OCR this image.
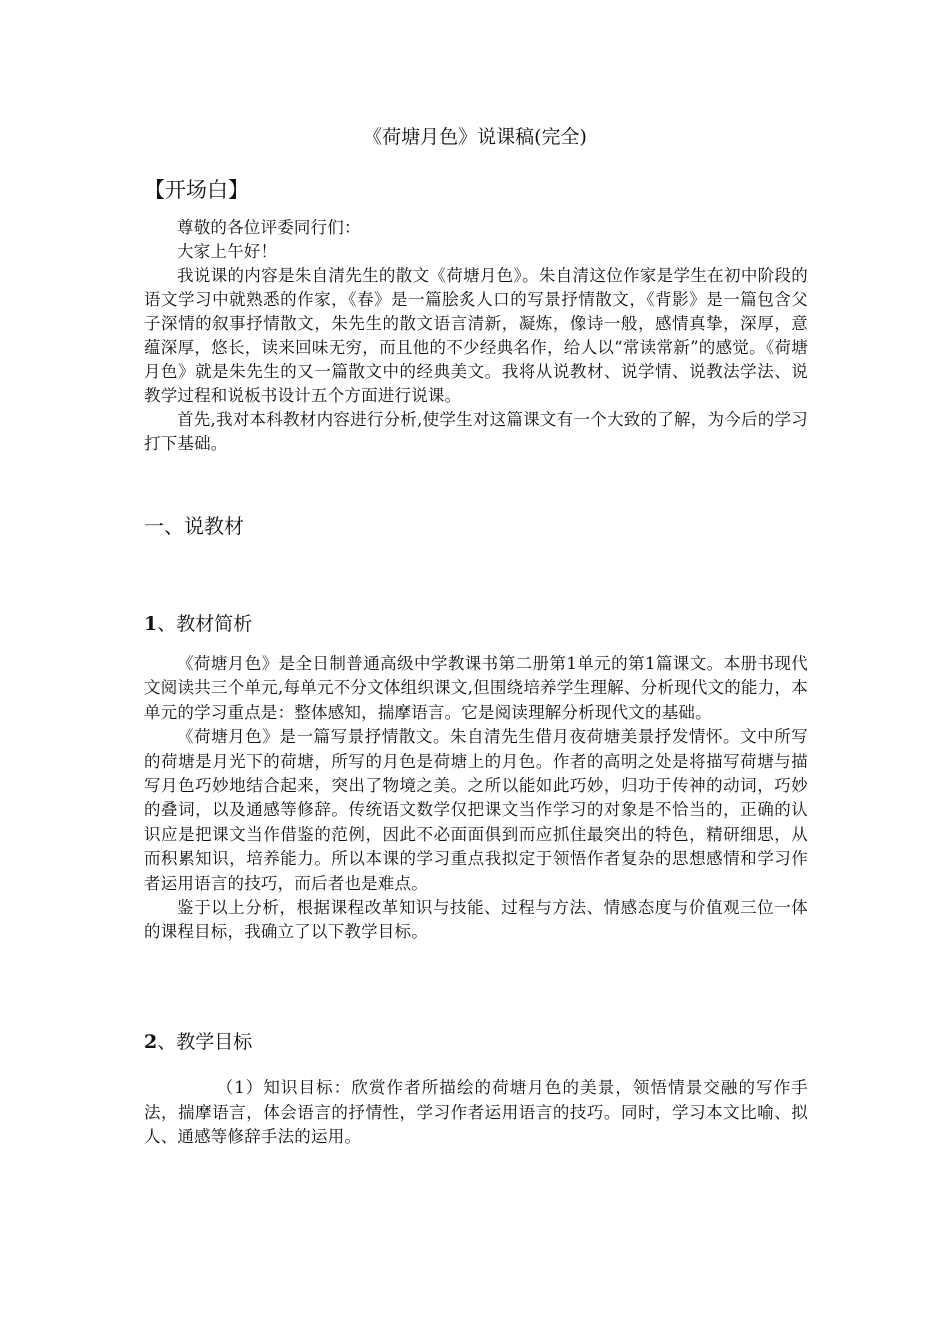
《荷塘月色》说课稿(完全)
【开场白】

尊敬的各位评委同行们：

大家上午好！

我说课的内容是朱自清先生的散文《荷塘月色》。朱自清这位作家是学生在初中阶段的语文学习中就熟悉的作家，《春》是一篇脍炙人口的写景抒情散文，《背影》是一篇包含父子深情的叙事抒情散文，朱先生的散文语言清新，凝炼，像诗一般，感情真挚，深厚，意蕴深厚，悠长，读来回味无穷，而且他的不少经典名作，给人以“常读常新”的感觉。《荷塘月色》就是朱先生的又一篇散文中的经典美文。我将从说教材、说学情、说教法学法、说教学过程和说板书设计五个方面进行说课。

首先,我对本科教材内容进行分析,使学生对这篇课文有一个大致的了解，为今后的学习打下基础。

一、说教材
1、教材简析

《荷塘月色》是全日制普通高级中学教课书第二册第1单元的第1篇课文。本册书现代文阅读共三个单元,每单元不分文体组织课文,但围绕培养学生理解、分析现代文的能力，本单元的学习重点是：整体感知，揣摩语言。它是阅读理解分析现代文的基础。

《荷塘月色》是一篇写景抒情散文。朱自清先生借月夜荷塘美景抒发情怀。文中所写的荷塘是月光下的荷塘，所写的月色是荷塘上的月色。作者的高明之处是将描写荷塘与描写月色巧妙地结合起来，突出了物境之美。之所以能如此巧妙，归功于传神的动词，巧妙的叠词，以及通感等修辞。传统语文数学仅把课文当作学习的对象是不恰当的，正确的认识应是把课文当作借鉴的范例，因此不必面面俱到而应抓住最突出的特色，精研细思，从而积累知识，培养能力。所以本课的学习重点我拟定于领悟作者复杂的思想感情和学习作者运用语言的技巧，而后者也是难点。

鉴于以上分析，根据课程改革知识与技能、过程与方法、情感态度与价值观三位一体的课程目标，我确立了以下教学目标。

2、教学目标

（1）知识目标：欣赏作者所描绘的荷塘月色的美景，领悟情景交融的写作手法，揣摩语言，体会语言的抒情性，学习作者运用语言的技巧。同时，学习本文比喻、拟人、通感等修辞手法的运用。
